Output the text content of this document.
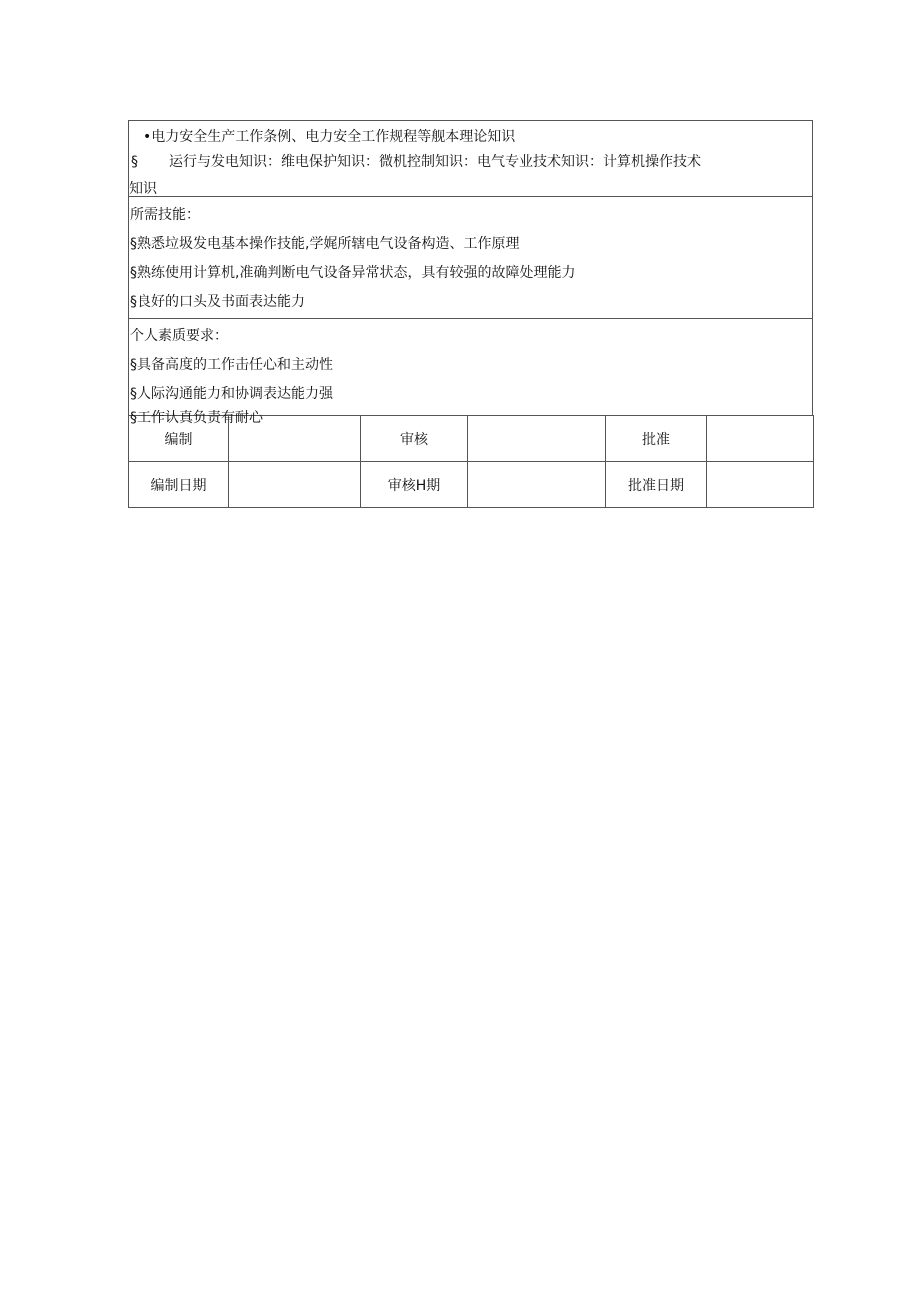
•电力安全生产工作条例、电力安全工作规程等舰本理论知识
§ 运行与发电知识：维电保护知识：微机控制知识：电气专业技术知识：计算机操作技术
知识
所需技能：
§熟悉垃圾发电基本操作技能,学娓所辖电气设备构造、工作原理
§熟练使用计算机,准确判断电气设备异常状态，具有较强的故障处理能力
§良好的口头及书面表达能力
个人素质要求：
§具备高度的工作击任心和主动性
§人际沟通能力和协调表达能力强
§工作认真负责有耐心
编制		审核		批准	
编制日期		审核H期		批准日期	
